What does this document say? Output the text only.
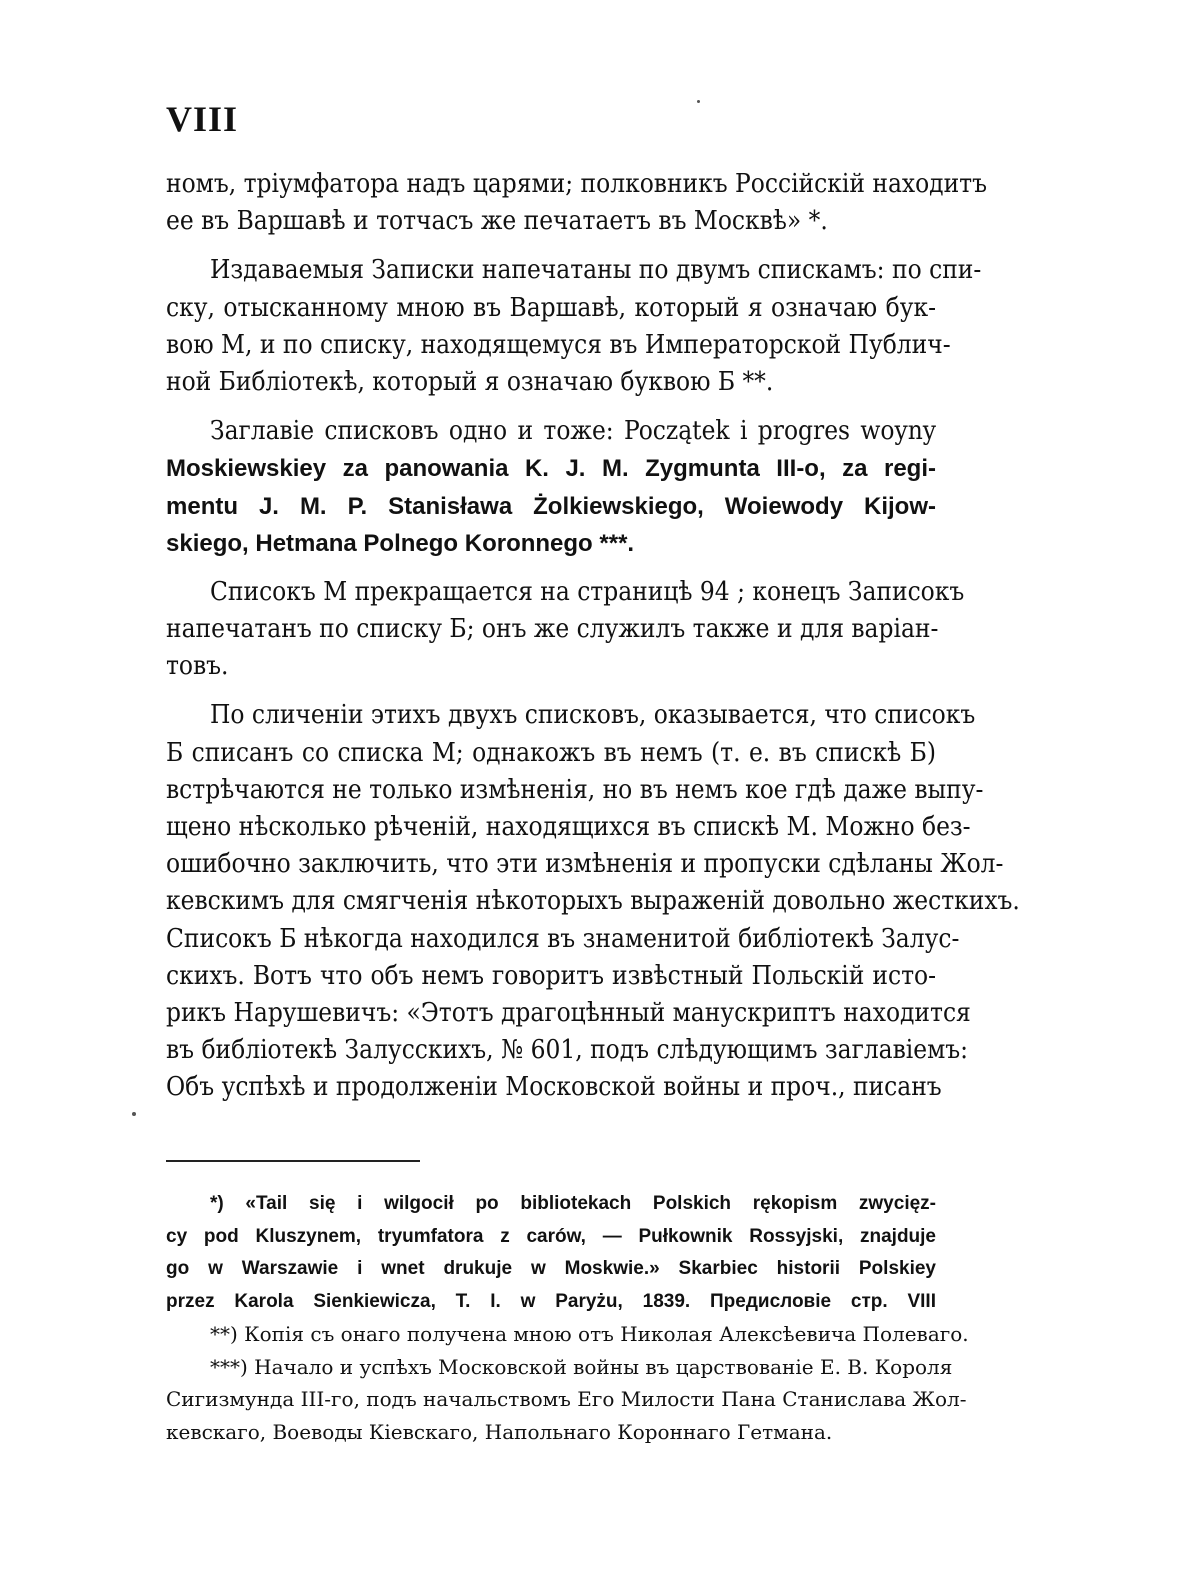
VIII
номъ, тріумфатора надъ царями; полковникъ Россійскій находитъ
ее въ Варшавѣ и тотчасъ же печатаетъ въ Москвѣ» *.
Издаваемыя Записки напечатаны по двумъ спискамъ: по спи-
ску, отысканному мною въ Варшавѣ, который я означаю бук-
вою М, и по списку, находящемуся въ Императорской Публич-
ной Библіотекѣ, который я означаю буквою Б **.
Заглавіе списковъ одно и тоже: Początek i progres woyny
Moskiewskiey za panowania K. J. M. Zygmunta III-o, za regi-
mentu J. M. P. Stanisława Żolkiewskiego, Woiewody Kijow-
skiego, Hetmana Polnego Koronnego ***.
Списокъ М прекращается на страницѣ 94 ; конецъ Записокъ
напечатанъ по списку Б; онъ же служилъ также и для варіан-
товъ.
По сличеніи этихъ двухъ списковъ, оказывается, что списокъ
Б списанъ со списка М; однакожъ въ немъ (т. е. въ спискѣ Б)
встрѣчаются не только измѣненія, но въ немъ кое гдѣ даже выпу-
щено нѣсколько рѣченій, находящихся въ спискѣ М. Можно без-
ошибочно заключить, что эти измѣненія и пропуски сдѣланы Жол-
кевскимъ для смягченія нѣкоторыхъ выраженій довольно жесткихъ.
Списокъ Б нѣкогда находился въ знаменитой библіотекѣ Залус-
скихъ. Вотъ что объ немъ говоритъ извѣстный Польскій исто-
рикъ Нарушевичъ: «Этотъ драгоцѣнный манускриптъ находится
въ библіотекѣ Залусскихъ, № 601, подъ слѣдующимъ заглавіемъ:
Объ успѣхѣ и продолженіи Московской войны и проч., писанъ
*) «Tail się i wilgocił po bibliotekach Polskich rękopism zwycięz-
cy pod Kluszynem, tryumfatora z carów, — Pułkownik Rossyjski, znajduje
go w Warszawie i wnet drukuje w Moskwie.» Skarbiec historii Polskiey
przez Karola Sienkiewicza, T. I. w Paryżu, 1839. Предисловіе стр. VIII
**) Копія съ онаго получена мною отъ Николая Алексѣевича Полеваго.
***) Начало и успѣхъ Московской войны въ царствованіе Е. В. Короля
Сигизмунда III-го, подъ начальствомъ Его Милости Пана Станислава Жол-
кевскаго, Воеводы Кіевскаго, Напольнаго Короннаго Гетмана.
